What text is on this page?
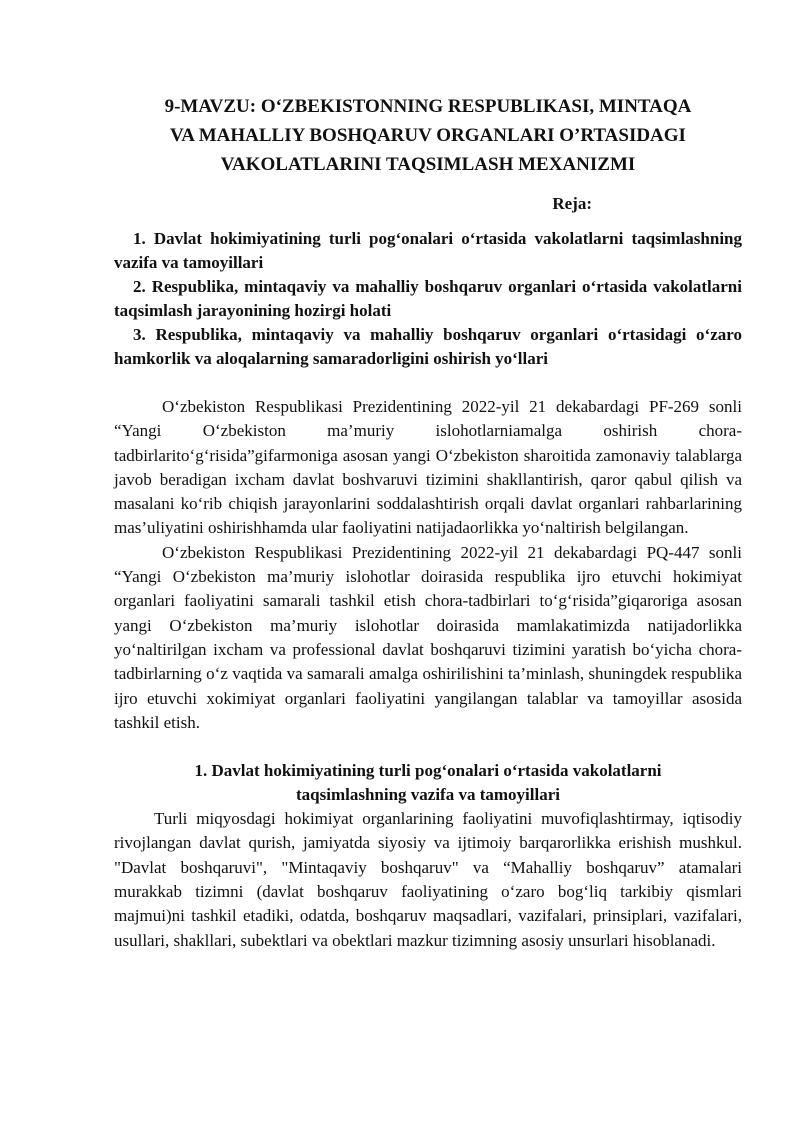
9-MAVZU: O‘ZBEKISTONNING RESPUBLIKASI, MINTAQA
VA MAHALLIY BOSHQARUV ORGANLARI O’RTASIDAGI
VAKOLATLARINI TAQSIMLASH MEXANIZMI

Reja:

1. Davlat hokimiyatining turli pog‘onalari o‘rtasida vakolatlarni taqsimlashning vazifa va tamoyillari
2. Respublika, mintaqaviy va mahalliy boshqaruv organlari o‘rtasida vakolatlarni taqsimlash jarayonining hozirgi holati
3. Respublika, mintaqaviy va mahalliy boshqaruv organlari o‘rtasidagi o‘zaro hamkorlik va aloqalarning samaradorligini oshirish yo‘llari

O‘zbekiston Respublikasi Prezidentining 2022-yil 21 dekabardagi PF-269 sonli “Yangi O‘zbekiston ma’muriy islohotlarniamalga oshirish chora-tadbirlarito‘g‘risida”gifarmoniga asosan yangi O‘zbekiston sharoitida zamonaviy talablarga javob beradigan ixcham davlat boshvaruvi tizimini shakllantirish, qaror qabul qilish va masalani ko‘rib chiqish jarayonlarini soddalashtirish orqali davlat organlari rahbarlarining mas’uliyatini oshirishhamda ular faoliyatini natijadaorlikka yo‘naltirish belgilangan.

O‘zbekiston Respublikasi Prezidentining 2022-yil 21 dekabardagi PQ-447 sonli “Yangi O‘zbekiston ma’muriy islohotlar doirasida respublika ijro etuvchi hokimiyat organlari faoliyatini samarali tashkil etish chora-tadbirlari to‘g‘risida”giqaroriga asosan yangi O‘zbekiston ma’muriy islohotlar doirasida mamlakatimizda natijadorlikka yo‘naltirilgan ixcham va professional davlat boshqaruvi tizimini yaratish bo‘yicha chora-tadbirlarning o‘z vaqtida va samarali amalga oshirilishini ta’minlash, shuningdek respublika ijro etuvchi xokimiyat organlari faoliyatini yangilangan talablar va tamoyillar asosida tashkil etish.

1. Davlat hokimiyatining turli pog‘onalari o‘rtasida vakolatlarni
taqsimlashning vazifa va tamoyillari

Turli miqyosdagi hokimiyat organlarining faoliyatini muvofiqlashtirmay, iqtisodiy rivojlangan davlat qurish, jamiyatda siyosiy va ijtimoiy barqarorlikka erishish mushkul. "Davlat boshqaruvi", "Mintaqaviy boshqaruv" va “Mahalliy boshqaruv” atamalari murakkab tizimni (davlat boshqaruv faoliyatining o‘zaro bog‘liq tarkibiy qismlari majmui)ni tashkil etadiki, odatda, boshqaruv maqsadlari, vazifalari, prinsiplari, vazifalari, usullari, shakllari, subektlari va obektlari mazkur tizimning asosiy unsurlari hisoblanadi.
